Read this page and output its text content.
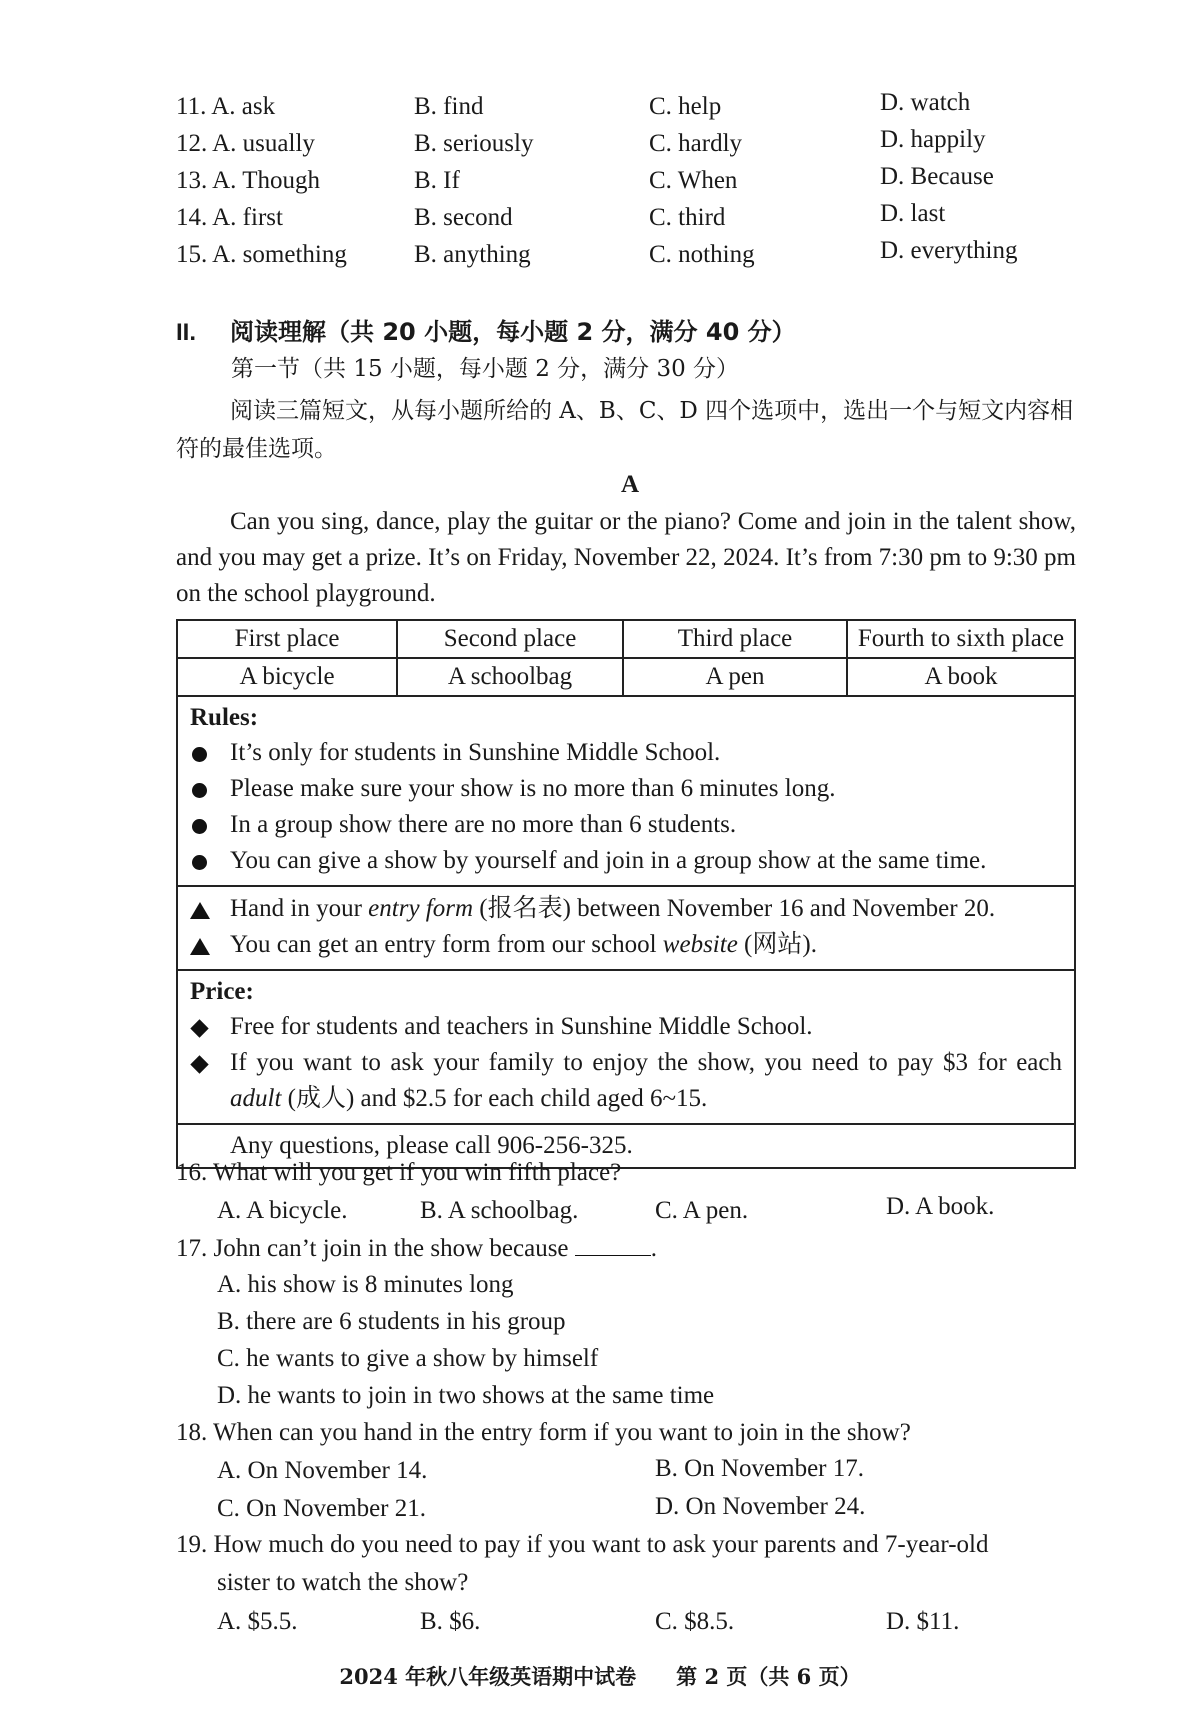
11. A. ask	B. find	C. help	D. watch
12. A. usually	B. seriously	C. hardly	D. happily
13. A. Though	B. If	C. When	D. Because
14. A. first	B. second	C. third	D. last
15. A. something	B. anything	C. nothing	D. everything
II. 阅读理解（共 20 小题，每小题 2 分，满分 40 分）
第一节（共 15 小题，每小题 2 分，满分 30 分）
阅读三篇短文，从每小题所给的 A、B、C、D 四个选项中，选出一个与短文内容相符的最佳选项。
A
Can you sing, dance, play the guitar or the piano? Come and join in the talent show, and you may get a prize. It’s on Friday, November 22, 2024. It’s from 7:30 pm to 9:30 pm on the school playground.
First place	Second place	Third place	Fourth to sixth place
A bicycle	A schoolbag	A pen	A book
Rules:
It’s only for students in Sunshine Middle School.
Please make sure your show is no more than 6 minutes long.
In a group show there are no more than 6 students.
You can give a show by yourself and join in a group show at the same time.
Hand in your entry form (报名表) between November 16 and November 20.
You can get an entry form from our school website (网站).
Price:
Free for students and teachers in Sunshine Middle School.
If you want to ask your family to enjoy the show, you need to pay $3 for each adult (成人) and $2.5 for each child aged 6~15.
Any questions, please call 906-256-325.
16. What will you get if you win fifth place?
A. A bicycle.	B. A schoolbag.	C. A pen.	D. A book.
17. John can’t join in the show because	.
A. his show is 8 minutes long
B. there are 6 students in his group
C. he wants to give a show by himself
D. he wants to join in two shows at the same time
18. When can you hand in the entry form if you want to join in the show?
A. On November 14.	B. On November 17.
C. On November 21.	D. On November 24.
19. How much do you need to pay if you want to ask your parents and 7-year-old
sister to watch the show?
A. $5.5.	B. $6.	C. $8.5.	D. $11.
2024 年秋八年级英语期中试卷 第 2 页（共 6 页）
